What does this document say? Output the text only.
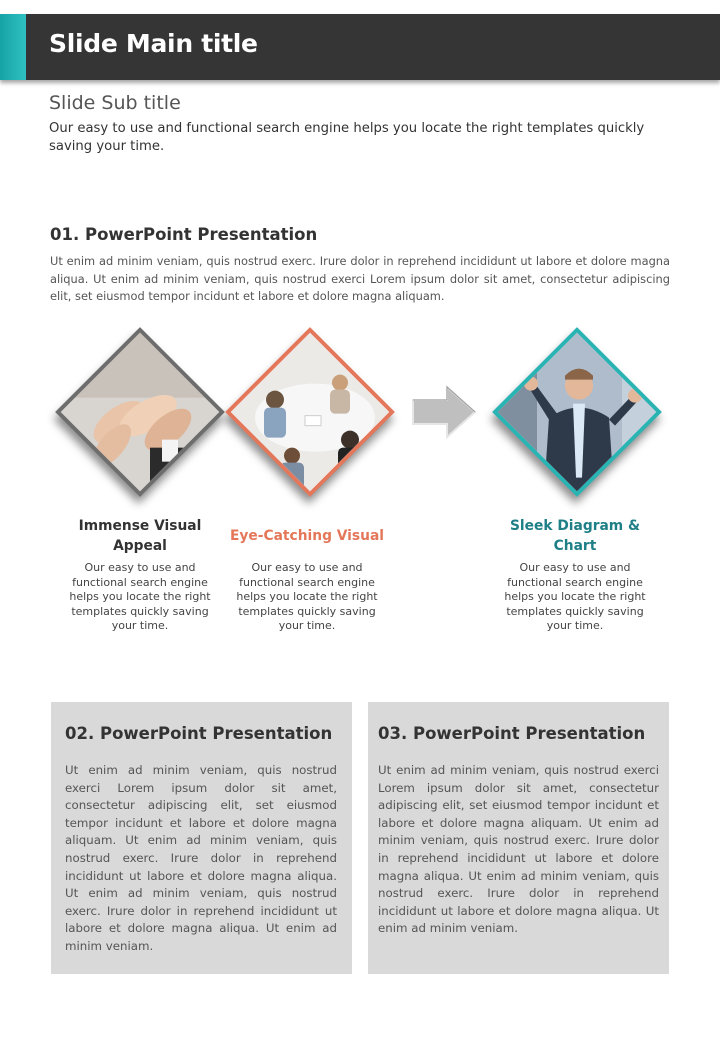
Slide Main title
Slide Sub title

Our easy to use and functional search engine helps you locate the right templates quickly saving your time.

01. PowerPoint Presentation

Ut enim ad minim veniam, quis nostrud exerc. Irure dolor in reprehend incididunt ut labore et dolore magna aliqua. Ut enim ad minim veniam, quis nostrud exerci Lorem ipsum dolor sit amet, consectetur adipiscing elit, set eiusmod tempor incidunt et labore et dolore magna aliquam.

Immense Visual Appeal

Our easy to use and functional search engine helps you locate the right templates quickly saving your time.

Eye-Catching Visual

Our easy to use and functional search engine helps you locate the right templates quickly saving your time.

Sleek Diagram & Chart

Our easy to use and functional search engine helps you locate the right templates quickly saving your time.

02. PowerPoint Presentation

Ut enim ad minim veniam, quis nostrud exerci Lorem ipsum dolor sit amet, consectetur adipiscing elit, set eiusmod tempor incidunt et labore et dolore magna aliquam. Ut enim ad minim veniam, quis nostrud exerc. Irure dolor in reprehend incididunt ut labore et dolore magna aliqua. Ut enim ad minim veniam, quis nostrud exerc. Irure dolor in reprehend incididunt ut labore et dolore magna aliqua. Ut enim ad minim veniam.

03. PowerPoint Presentation

Ut enim ad minim veniam, quis nostrud exerci Lorem ipsum dolor sit amet, consectetur adipiscing elit, set eiusmod tempor incidunt et labore et dolore magna aliquam. Ut enim ad minim veniam, quis nostrud exerc. Irure dolor in reprehend incididunt ut labore et dolore magna aliqua. Ut enim ad minim veniam, quis nostrud exerc. Irure dolor in reprehend incididunt ut labore et dolore magna aliqua. Ut enim ad minim veniam.
